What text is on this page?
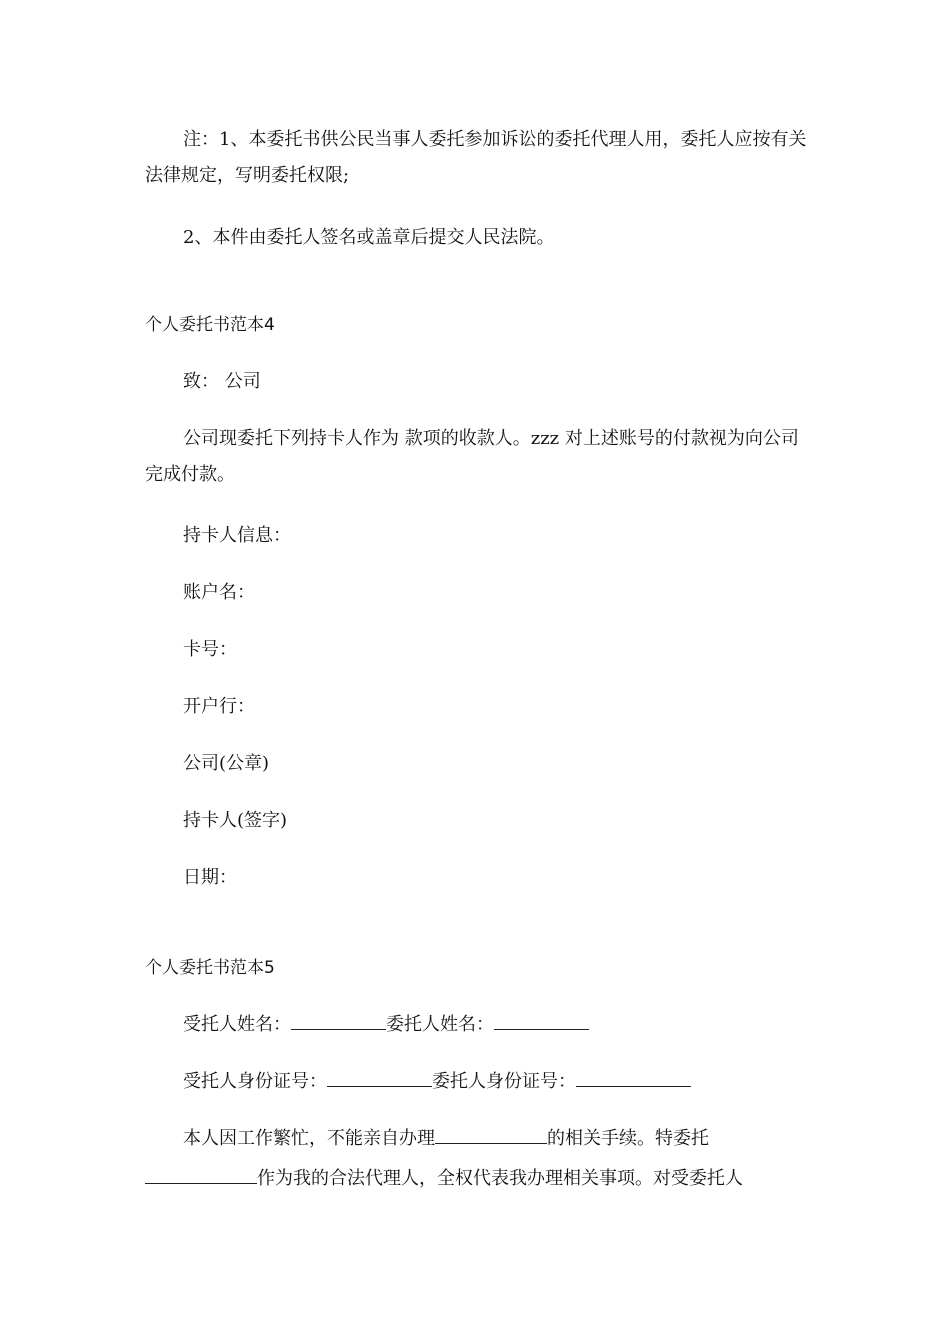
注：1、本委托书供公民当事人委托参加诉讼的委托代理人用，委托人应按有关法律规定，写明委托权限;

2、本件由委托人签名或盖章后提交人民法院。

个人委托书范本4

致： 公司

公司现委托下列持卡人作为 款项的收款人。zzz 对上述账号的付款视为向公司完成付款。

持卡人信息：

账户名：

卡号：

开户行：

公司(公章)

持卡人(签字)

日期：

个人委托书范本5

受托人姓名：	委托人姓名：

受托人身份证号：	委托人身份证号：

本人因工作繁忙，不能亲自办理	的相关手续。特委托

作为我的合法代理人，全权代表我办理相关事项。对受委托人
